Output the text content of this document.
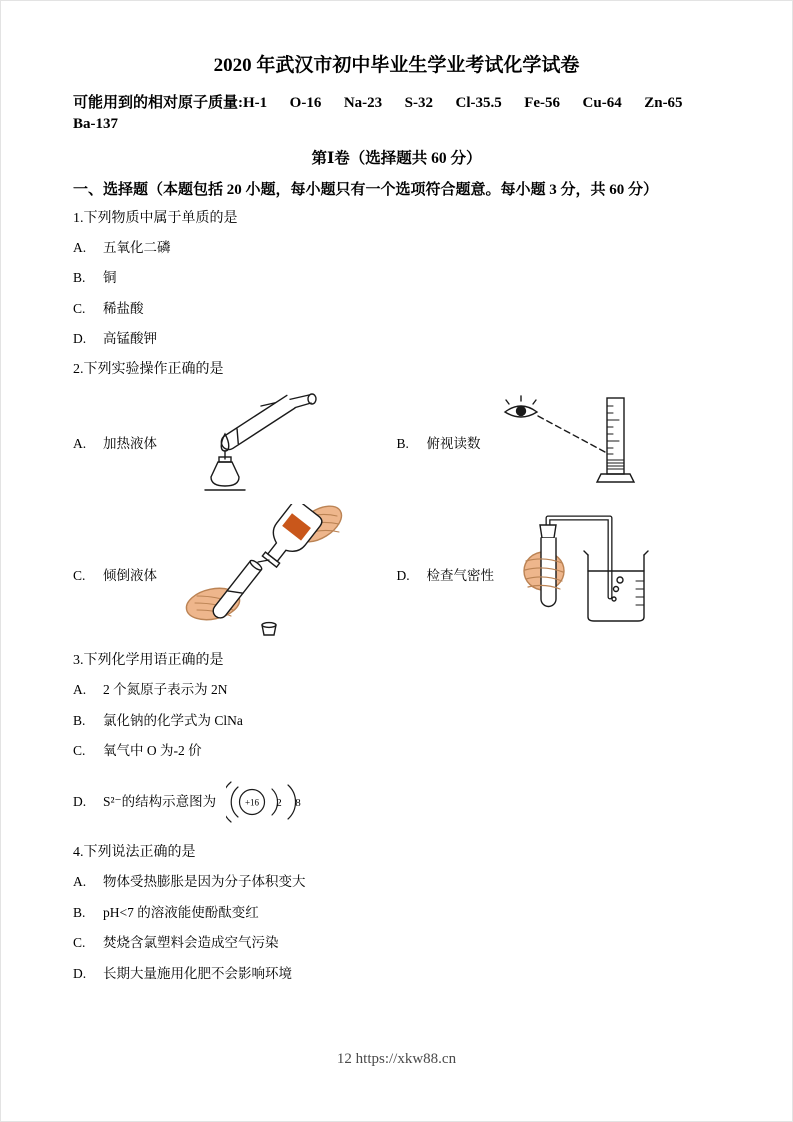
2020 年武汉市初中毕业生学业考试化学试卷

可能用到的相对原子质量:H-1      O-16      Na-23      S-32      Cl-35.5      Fe-56      Cu-64      Zn-65

Ba-137

第Ⅰ卷（选择题共 60 分）

一、选择题（本题包括 20 小题，每小题只有一个选项符合题意。每小题 3 分，共 60 分）

1.下列物质中属于单质的是

A.	五氧化二磷
B.	铜
C.	稀盐酸
D.	高锰酸钾

2.下列实验操作正确的是

A.	加热液体	B.	俯视读数
C.	倾倒液体	D.	检查气密性

3.下列化学用语正确的是

A.	2 个氮原子表示为 2N
B.	氯化钠的化学式为 ClNa
C.	氧气中 O 为-2 价
D.	S²⁻的结构示意图为	+16 2 8

4.下列说法正确的是

A.	物体受热膨胀是因为分子体积变大
B.	pH<7 的溶液能使酚酞变红
C.	焚烧含氯塑料会造成空气污染
D.	长期大量施用化肥不会影响环境

12 https://xkw88.cn
